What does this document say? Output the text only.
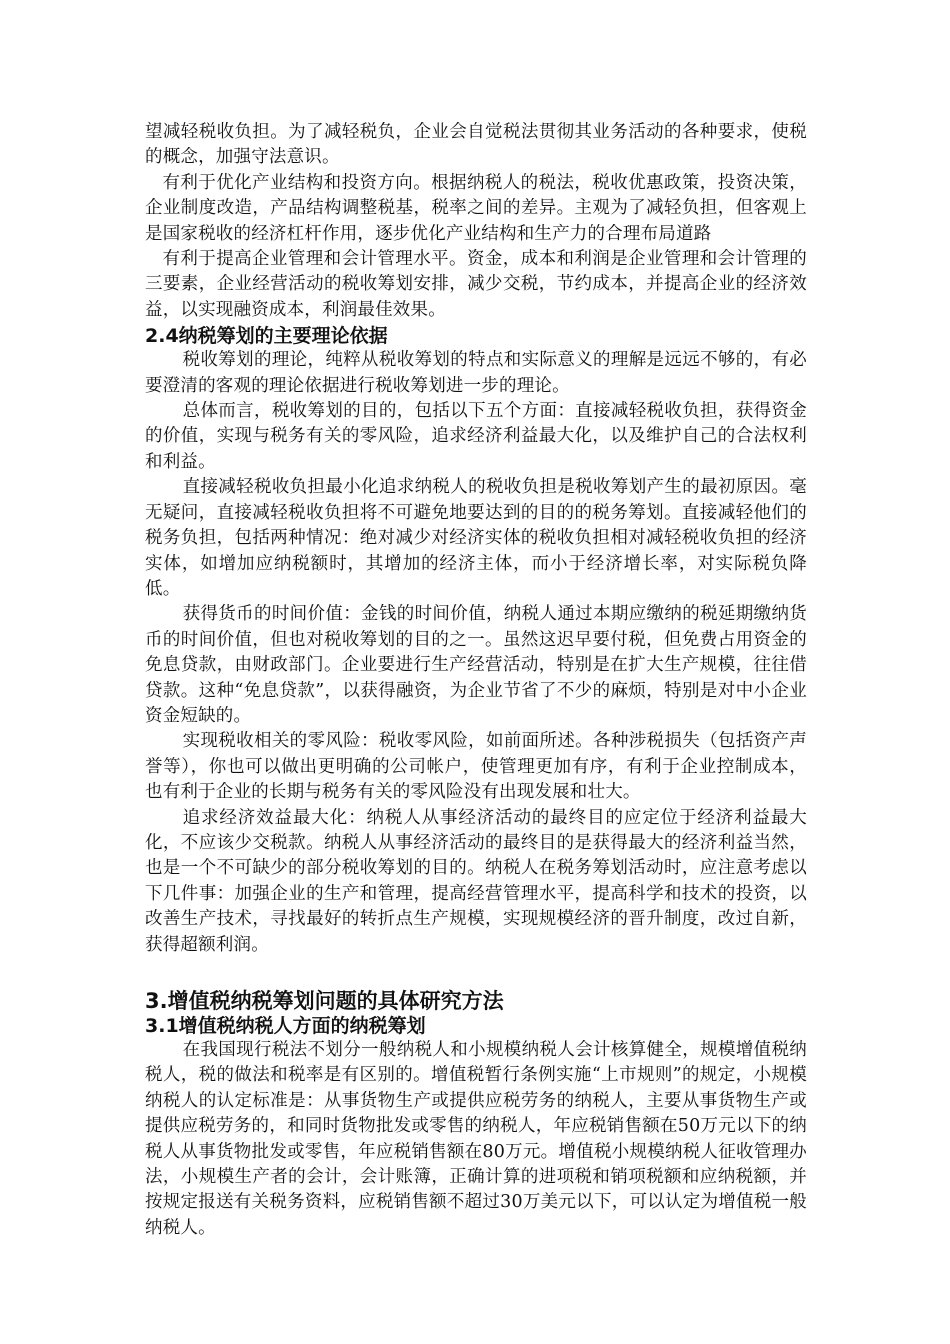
望减轻税收负担。为了减轻税负，企业会自觉税法贯彻其业务活动的各种要求，使税的概念，加强守法意识。

有利于优化产业结构和投资方向。根据纳税人的税法，税收优惠政策，投资决策，企业制度改造，产品结构调整税基，税率之间的差异。主观为了减轻负担，但客观上是国家税收的经济杠杆作用，逐步优化产业结构和生产力的合理布局道路

有利于提高企业管理和会计管理水平。资金，成本和利润是企业管理和会计管理的三要素，企业经营活动的税收筹划安排，减少交税，节约成本，并提高企业的经济效益，以实现融资成本，利润最佳效果。

2.4纳税筹划的主要理论依据

税收筹划的理论，纯粹从税收筹划的特点和实际意义的理解是远远不够的，有必要澄清的客观的理论依据进行税收筹划进一步的理论。

总体而言，税收筹划的目的，包括以下五个方面：直接减轻税收负担，获得资金的价值，实现与税务有关的零风险，追求经济利益最大化，以及维护自己的合法权利和利益。

直接减轻税收负担最小化追求纳税人的税收负担是税收筹划产生的最初原因。毫无疑问，直接减轻税收负担将不可避免地要达到的目的的税务筹划。直接减轻他们的税务负担，包括两种情况：绝对减少对经济实体的税收负担相对减轻税收负担的经济实体，如增加应纳税额时，其增加的经济主体，而小于经济增长率，对实际税负降低。

获得货币的时间价值：金钱的时间价值，纳税人通过本期应缴纳的税延期缴纳货币的时间价值，但也对税收筹划的目的之一。虽然这迟早要付税，但免费占用资金的免息贷款，由财政部门。企业要进行生产经营活动，特别是在扩大生产规模，往往借贷款。这种“免息贷款”，以获得融资，为企业节省了不少的麻烦，特别是对中小企业资金短缺的。

实现税收相关的零风险：税收零风险，如前面所述。各种涉税损失（包括资产声誉等），你也可以做出更明确的公司帐户，使管理更加有序，有利于企业控制成本，也有利于企业的长期与税务有关的零风险没有出现发展和壮大。

追求经济效益最大化：纳税人从事经济活动的最终目的应定位于经济利益最大化，不应该少交税款。纳税人从事经济活动的最终目的是获得最大的经济利益当然，也是一个不可缺少的部分税收筹划的目的。纳税人在税务筹划活动时，应注意考虑以下几件事：加强企业的生产和管理，提高经营管理水平，提高科学和技术的投资，以改善生产技术，寻找最好的转折点生产规模，实现规模经济的晋升制度，改过自新，获得超额利润。

3.增值税纳税筹划问题的具体研究方法
3.1增值税纳税人方面的纳税筹划

在我国现行税法不划分一般纳税人和小规模纳税人会计核算健全，规模增值税纳税人，税的做法和税率是有区别的。增值税暂行条例实施“上市规则”的规定，小规模纳税人的认定标准是：从事货物生产或提供应税劳务的纳税人，主要从事货物生产或提供应税劳务的，和同时货物批发或零售的纳税人，年应税销售额在50万元以下的纳税人从事货物批发或零售，年应税销售额在80万元。增值税小规模纳税人征收管理办法，小规模生产者的会计，会计账簿，正确计算的进项税和销项税额和应纳税额，并按规定报送有关税务资料，应税销售额不超过30万美元以下，可以认定为增值税一般纳税人。
